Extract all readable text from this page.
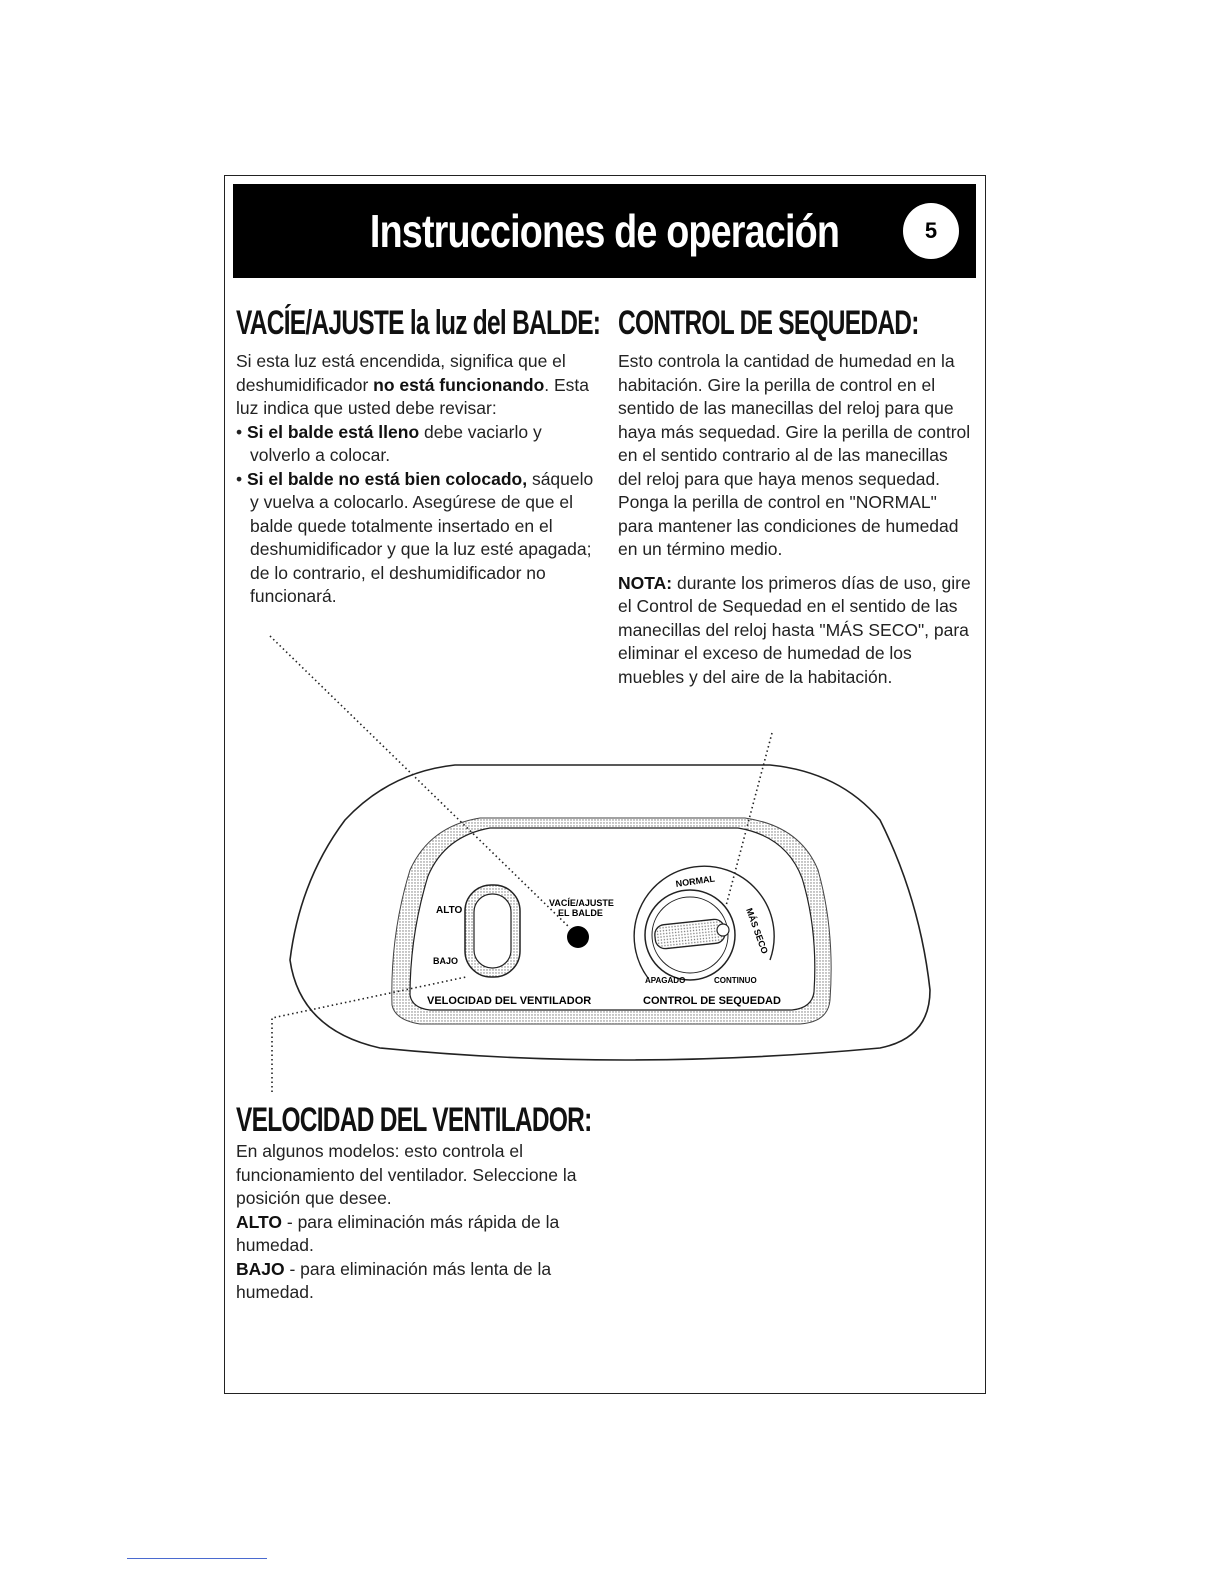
Instrucciones de operación	5
VACÍE/AJUSTE la luz del BALDE:

Si esta luz está encendida, significa que el deshumidificador no está funcionando. Esta luz indica que usted debe revisar:

• Si el balde está lleno debe vaciarlo y volverlo a colocar.

• Si el balde no está bien colocado, sáquelo y vuelva a colocarlo. Asegúrese de que el balde quede totalmente insertado en el deshumidificador y que la luz esté apagada; de lo contrario, el deshumidificador no funcionará.

CONTROL DE SEQUEDAD:

Esto controla la cantidad de humedad en la habitación. Gire la perilla de control en el sentido de las manecillas del reloj para que haya más sequedad. Gire la perilla de control en el sentido contrario al de las manecillas del reloj para que haya menos sequedad. Ponga la perilla de control en "NORMAL" para mantener las condiciones de humedad en un término medio.

NOTA: durante los primeros días de uso, gire el Control de Sequedad en el sentido de las manecillas del reloj hasta "MÁS SECO", para eliminar el exceso de humedad de los muebles y del aire de la habitación.

ALTO
BAJO
VACÍE/AJUSTE
EL BALDE
NORMAL
MÁS SECO
APAGADO	CONTINUO
VELOCIDAD DEL VENTILADOR	CONTROL DE SEQUEDAD
VELOCIDAD DEL VENTILADOR:

En algunos modelos: esto controla el funcionamiento del ventilador. Seleccione la posición que desee.

ALTO - para eliminación más rápida de la humedad.

BAJO - para eliminación más lenta de la humedad.
